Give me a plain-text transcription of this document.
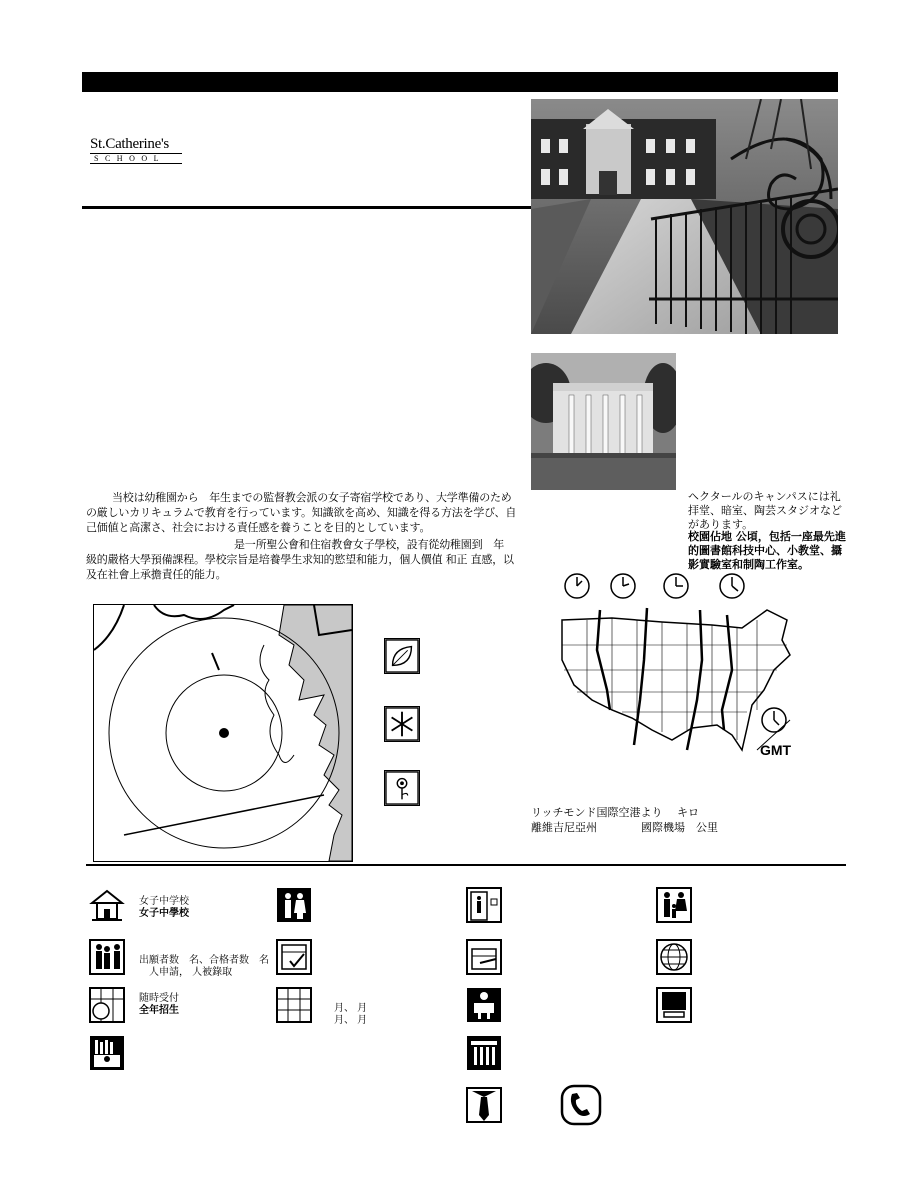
St.Catherine's
SCHOOL
当校は幼稚園から　年生までの監督教会派の女子寄宿学校であり、大学準備のための厳しいカリキュラムで教育を行っています。知識欲を高め、知識を得る方法を学び、自己価値と高潔さ、社会における責任感を養うことを目的としています。
是一所聖公會和住宿教會女子學校，設有從幼稚園到　年 級的嚴格大學預備課程。學校宗旨是培養學生求知的慾望和能力，個人價值 和正 直感，以及在社會上承擔責任的能力。
ヘクタールのキャンパスには礼拝堂、暗室、陶芸スタジオなどがあります。
校園佔地 公頃，包括一座最先進的圖書館科技中心、小教堂、攝影實驗室和制陶工作室。
GMT
リッチモンド国際空港より　 キロ
離維吉尼亞州	國際機場　公里
女子中学校
女子中學校
出願者数　名、合格者数　名
人申請， 人被錄取
随時受付
全年招生	月、 月
月、 月
